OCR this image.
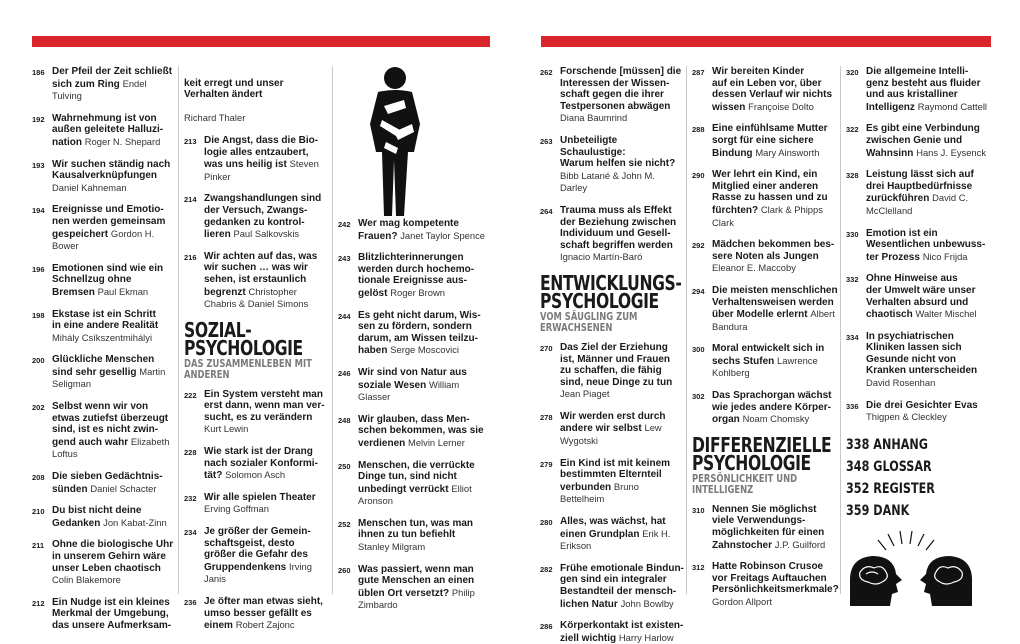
186 Der Pfeil der Zeit schließt
sich zum Ring Endel Tulving
192 Wahrnehmung ist von
außen geleitete Halluzi-
nation Roger N. Shepard
193 Wir suchen ständig nach
Kausalverknüpfungen Daniel Kahneman
194 Ereignisse und Emotio-
nen werden gemeinsam
gespeichert Gordon H. Bower
196 Emotionen sind wie ein
Schnellzug ohne Bremsen Paul Ekman
198 Ekstase ist ein Schritt
in eine andere Realität Mihály Csíkszentmihályi
200 Glückliche Menschen
sind sehr gesellig Martin Seligman
202 Selbst wenn wir von
etwas zutiefst überzeugt
sind, ist es nicht zwin-
gend auch wahr Elizabeth Loftus
208 Die sieben Gedächtnis-
sünden Daniel Schacter
210 Du bist nicht deine
Gedanken Jon Kabat-Zinn
211 Ohne die biologische Uhr
in unserem Gehirn wäre
unser Leben chaotisch Colin Blakemore
212 Ein Nudge ist ein kleines
Merkmal der Umgebung,
das unsere Aufmerksam-

keit erregt und unser
Verhalten ändert

Richard Thaler

213 Die Angst, dass die Bio-
logie alles entzaubert,
was uns heilig ist Steven Pinker
214 Zwangshandlungen sind
der Versuch, Zwangs-
gedanken zu kontrol-
lieren Paul Salkovskis
216 Wir achten auf das, was
wir suchen … was wir
sehen, ist erstaunlich
begrenzt Christopher
Chabris & Daniel Simons
SOZIAL-
PSYCHOLOGIE
DAS ZUSAMMENLEBEN MIT
ANDEREN
222 Ein System versteht man
erst dann, wenn man ver-
sucht, es zu verändern Kurt Lewin
228 Wie stark ist der Drang
nach sozialer Konformi-
tät? Solomon Asch
232 Wir alle spielen Theater Erving Goffman
234 Je größer der Gemein-
schaftsgeist, desto
größer die Gefahr des
Gruppendenkens Irving Janis
236 Je öfter man etwas sieht,
umso besser gefällt es
einem Robert Zajonc
242 Wer mag kompetente
Frauen? Janet Taylor Spence
243 Blitzlichterinnerungen
werden durch hochemo-
tionale Ereignisse aus-
gelöst Roger Brown
244 Es geht nicht darum, Wis-
sen zu fördern, sondern
darum, am Wissen teilzu-
haben Serge Moscovici
246 Wir sind von Natur aus
soziale Wesen William Glasser
248 Wir glauben, dass Men-
schen bekommen, was sie
verdienen Melvin Lerner
250 Menschen, die verrückte
Dinge tun, sind nicht
unbedingt verrückt Elliot Aronson
252 Menschen tun, was man
ihnen zu tun befiehlt Stanley Milgram
260 Was passiert, wenn man
gute Menschen an einen
üblen Ort versetzt? Philip Zimbardo
262 Forschende [müssen] die
Interessen der Wissen-
schaft gegen die ihrer
Testpersonen abwägen Diana Baumrind
263 Unbeteiligte Schaulustige:
Warum helfen sie nicht? Bibb Latané & John M. Darley
264 Trauma muss als Effekt
der Beziehung zwischen
Individuum und Gesell-
schaft begriffen werden Ignacio Martín-Baró
ENTWICKLUNGS-
PSYCHOLOGIE
VOM SÄUGLING ZUM
ERWACHSENEN
270 Das Ziel der Erziehung
ist, Männer und Frauen
zu schaffen, die fähig
sind, neue Dinge zu tun Jean Piaget
278 Wir werden erst durch
andere wir selbst Lew Wygotski
279 Ein Kind ist mit keinem
bestimmten Elternteil
verbunden Bruno Bettelheim
280 Alles, was wächst, hat
einen Grundplan Erik H. Erikson
282 Frühe emotionale Bindun-
gen sind ein integraler
Bestandteil der mensch-
lichen Natur John Bowlby
286 Körperkontakt ist existen-
ziell wichtig Harry Harlow
287 Wir bereiten Kinder
auf ein Leben vor, über
dessen Verlauf wir nichts
wissen Françoise Dolto
288 Eine einfühlsame Mutter
sorgt für eine sichere
Bindung Mary Ainsworth
290 Wer lehrt ein Kind, ein
Mitglied einer anderen
Rasse zu hassen und zu
fürchten? Clark & Phipps Clark
292 Mädchen bekommen bes-
sere Noten als Jungen Eleanor E. Maccoby
294 Die meisten menschlichen
Verhaltensweisen werden
über Modelle erlernt Albert Bandura
300 Moral entwickelt sich in
sechs Stufen Lawrence Kohlberg
302 Das Sprachorgan wächst
wie jedes andere Körper-
organ Noam Chomsky
DIFFERENZIELLE
PSYCHOLOGIE
PERSÖNLICHKEIT UND
INTELLIGENZ
310 Nennen Sie möglichst
viele Verwendungs-
möglichkeiten für einen
Zahnstocher J.P. Guilford
312 Hatte Robinson Crusoe
vor Freitags Auftauchen
Persönlichkeitsmerkmale? Gordon Allport
320 Die allgemeine Intelli-
genz besteht aus fluider
und aus kristalliner
Intelligenz Raymond Cattell
322 Es gibt eine Verbindung
zwischen Genie und
Wahnsinn Hans J. Eysenck
328 Leistung lässt sich auf
drei Hauptbedürfnisse
zurückführen David C. McClelland
330 Emotion ist ein
Wesentlichen unbewuss-
ter Prozess Nico Frijda
332 Ohne Hinweise aus
der Umwelt wäre unser
Verhalten absurd und
chaotisch Walter Mischel
334 In psychiatrischen
Kliniken lassen sich
Gesunde nicht von
Kranken unterscheiden David Rosenhan
336 Die drei Gesichter Evas Thigpen & Cleckley
338 ANHANG
348 GLOSSAR
352 REGISTER
359 DANK
